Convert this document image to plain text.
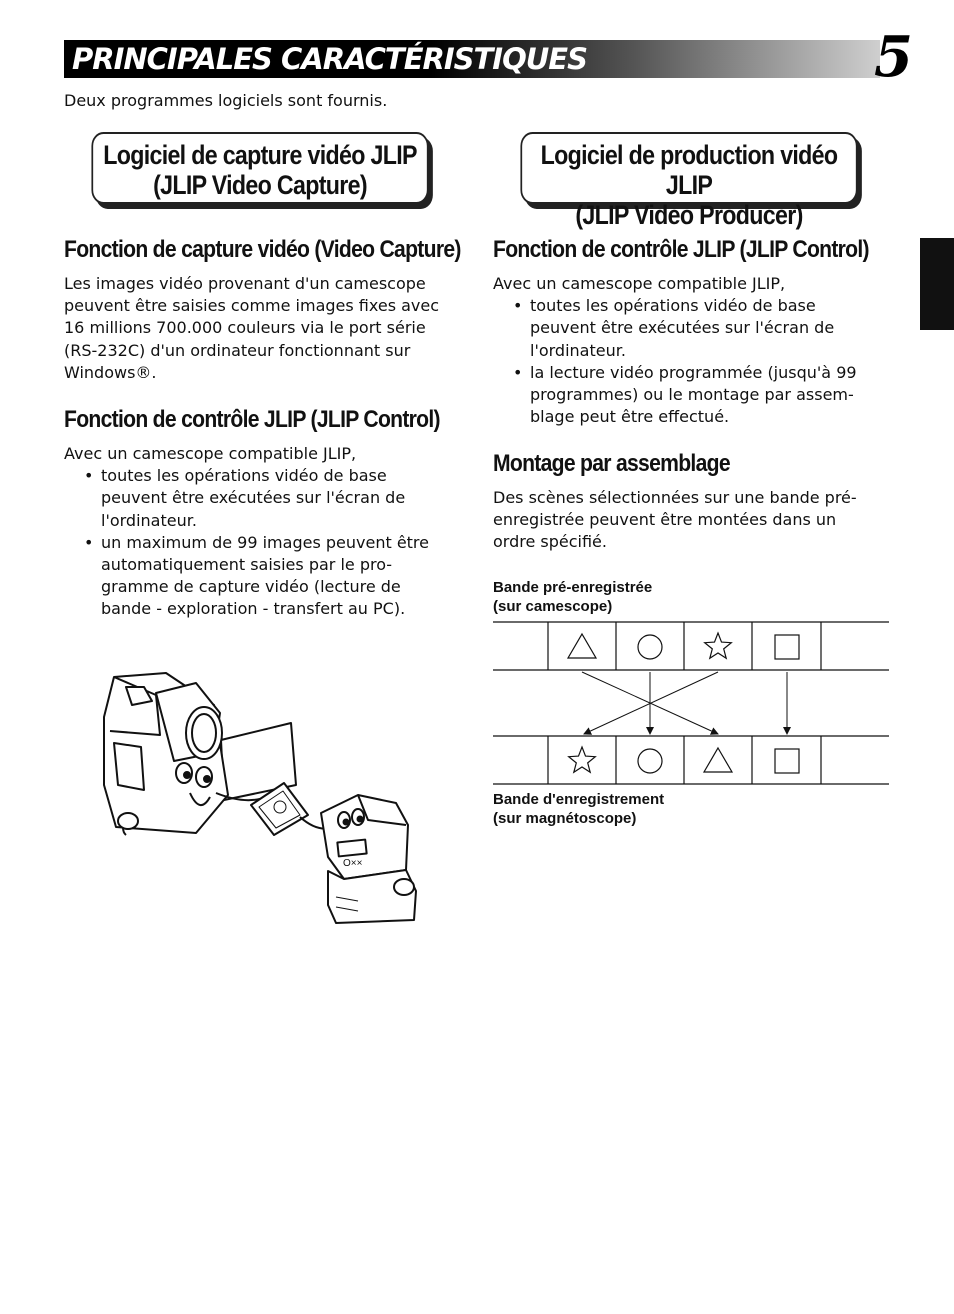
PRINCIPALES CARACTÉRISTIQUES	5
Deux programmes logiciels sont fournis.
Logiciel de capture vidéo JLIP
(JLIP Video Capture)
Logiciel de production vidéo JLIP
(JLIP Video Producer)
Fonction de capture vidéo (Video Capture)
Les images vidéo provenant d'un camescope
peuvent être saisies comme images fixes avec
16 millions 700.000 couleurs via le port série
(RS-232C) d'un ordinateur fonctionnant sur
Windows®.
Fonction de contrôle JLIP (JLIP Control)
Avec un camescope compatible JLIP,
• toutes les opérations vidéo de base
peuvent être exécutées sur l'écran de
l'ordinateur.
• un maximum de 99 images peuvent être
automatiquement saisies par le pro-
gramme de capture vidéo (lecture de
bande - exploration - transfert au PC).
O××
Fonction de contrôle JLIP (JLIP Control)
Avec un camescope compatible JLIP,
• toutes les opérations vidéo de base
peuvent être exécutées sur l'écran de
l'ordinateur.
• la lecture vidéo programmée (jusqu'à 99
programmes) ou le montage par assem-
blage peut être effectué.
Montage par assemblage
Des scènes sélectionnées sur une bande pré-
enregistrée peuvent être montées dans un
ordre spécifié.
Bande pré-enregistrée
(sur camescope)
Bande d'enregistrement
(sur magnétoscope)
